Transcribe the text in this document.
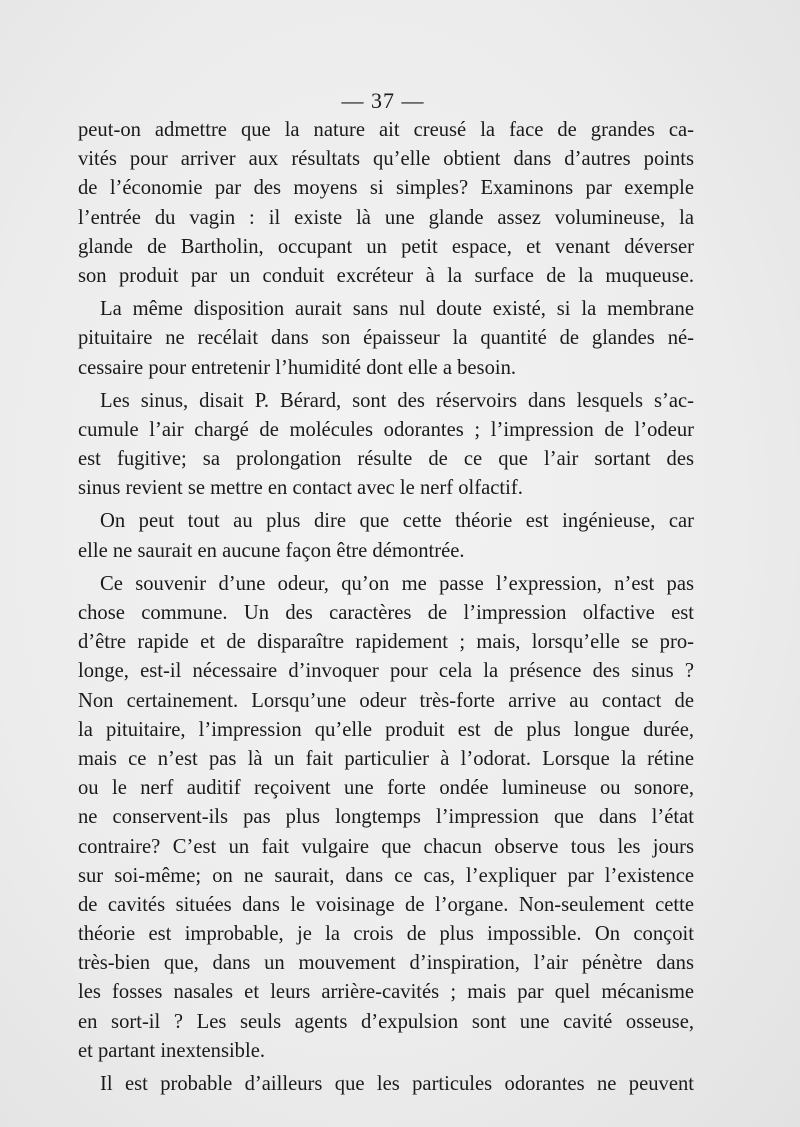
— 37 —
peut-on admettre que la nature ait creusé la face de grandes ca-
vités pour arriver aux résultats qu’elle obtient dans d’autres points
de l’économie par des moyens si simples? Examinons par exemple
l’entrée du vagin : il existe là une glande assez volumineuse, la
glande de Bartholin, occupant un petit espace, et venant déverser
son produit par un conduit excréteur à la surface de la muqueuse.
La même disposition aurait sans nul doute existé, si la membrane
pituitaire ne recélait dans son épaisseur la quantité de glandes né-
cessaire pour entretenir l’humidité dont elle a besoin.
Les sinus, disait P. Bérard, sont des réservoirs dans lesquels s’ac-
cumule l’air chargé de molécules odorantes ; l’impression de l’odeur
est fugitive; sa prolongation résulte de ce que l’air sortant des
sinus revient se mettre en contact avec le nerf olfactif.
On peut tout au plus dire que cette théorie est ingénieuse, car
elle ne saurait en aucune façon être démontrée.
Ce souvenir d’une odeur, qu’on me passe l’expression, n’est pas
chose commune. Un des caractères de l’impression olfactive est
d’être rapide et de disparaître rapidement ; mais, lorsqu’elle se pro-
longe, est-il nécessaire d’invoquer pour cela la présence des sinus ?
Non certainement. Lorsqu’une odeur très-forte arrive au contact de
la pituitaire, l’impression qu’elle produit est de plus longue durée,
mais ce n’est pas là un fait particulier à l’odorat. Lorsque la rétine
ou le nerf auditif reçoivent une forte ondée lumineuse ou sonore,
ne conservent-ils pas plus longtemps l’impression que dans l’état
contraire? C’est un fait vulgaire que chacun observe tous les jours
sur soi-même; on ne saurait, dans ce cas, l’expliquer par l’existence
de cavités situées dans le voisinage de l’organe. Non-seulement cette
théorie est improbable, je la crois de plus impossible. On conçoit
très-bien que, dans un mouvement d’inspiration, l’air pénètre dans
les fosses nasales et leurs arrière-cavités ; mais par quel mécanisme
en sort-il ? Les seuls agents d’expulsion sont une cavité osseuse,
et partant inextensible.
Il est probable d’ailleurs que les particules odorantes ne peuvent
